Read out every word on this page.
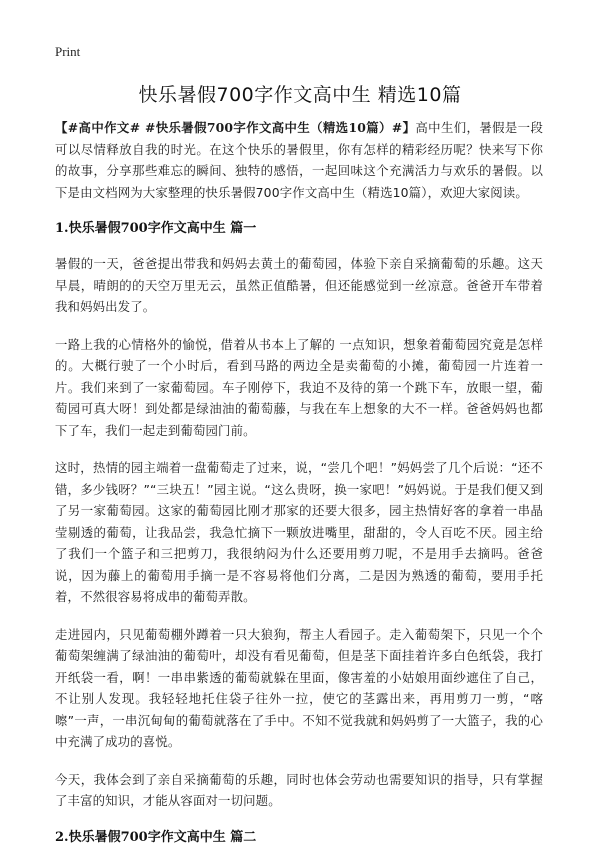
Print
快乐暑假700字作文高中生 精选10篇

【#高中作文# #快乐暑假700字作文高中生（精选10篇）#】高中生们，暑假是一段可以尽情释放自我的时光。在这个快乐的暑假里，你有怎样的精彩经历呢？快来写下你的故事，分享那些难忘的瞬间、独特的感悟，一起回味这个充满活力与欢乐的暑假。以下是由文档网为大家整理的快乐暑假700字作文高中生（精选10篇），欢迎大家阅读。

1.快乐暑假700字作文高中生 篇一

暑假的一天，爸爸提出带我和妈妈去黄土的葡萄园，体验下亲自采摘葡萄的乐趣。这天早晨，晴朗的的天空万里无云，虽然正值酷暑，但还能感觉到一丝凉意。爸爸开车带着我和妈妈出发了。

一路上我的心情格外的愉悦，借着从书本上了解的 一点知识，想象着葡萄园究竟是怎样的。大概行驶了一个小时后，看到马路的两边全是卖葡萄的小摊，葡萄园一片连着一片。我们来到了一家葡萄园。车子刚停下，我迫不及待的第一个跳下车，放眼一望，葡萄园可真大呀！到处都是绿油油的葡萄藤，与我在车上想象的大不一样。爸爸妈妈也都下了车，我们一起走到葡萄园门前。

这时，热情的园主端着一盘葡萄走了过来，说，“尝几个吧！”妈妈尝了几个后说：“还不错，多少钱呀？”“三块五！”园主说。“这么贵呀，换一家吧！”妈妈说。于是我们便又到了另一家葡萄园。这家的葡萄园比刚才那家的还要大很多，园主热情好客的拿着一串晶莹剔透的葡萄，让我品尝，我急忙摘下一颗放进嘴里，甜甜的，令人百吃不厌。园主给了我们一个篮子和三把剪刀，我很纳闷为什么还要用剪刀呢，不是用手去摘吗。爸爸说，因为藤上的葡萄用手摘一是不容易将他们分离，二是因为熟透的葡萄，要用手托着，不然很容易将成串的葡萄弄散。

走进园内，只见葡萄棚外蹲着一只大狼狗，帮主人看园子。走入葡萄架下，只见一个个葡萄架缠满了绿油油的葡萄叶，却没有看见葡萄，但是茎下面挂着许多白色纸袋，我打开纸袋一看，啊！一串串紫透的葡萄就躲在里面，像害羞的小姑娘用面纱遮住了自己，不让别人发现。我轻轻地托住袋子往外一拉，使它的茎露出来，再用剪刀一剪，“喀嚓”一声，一串沉甸甸的葡萄就落在了手中。不知不觉我就和妈妈剪了一大篮子，我的心中充满了成功的喜悦。

今天，我体会到了亲自采摘葡萄的乐趣，同时也体会劳动也需要知识的指导，只有掌握了丰富的知识，才能从容面对一切问题。

2.快乐暑假700字作文高中生 篇二
